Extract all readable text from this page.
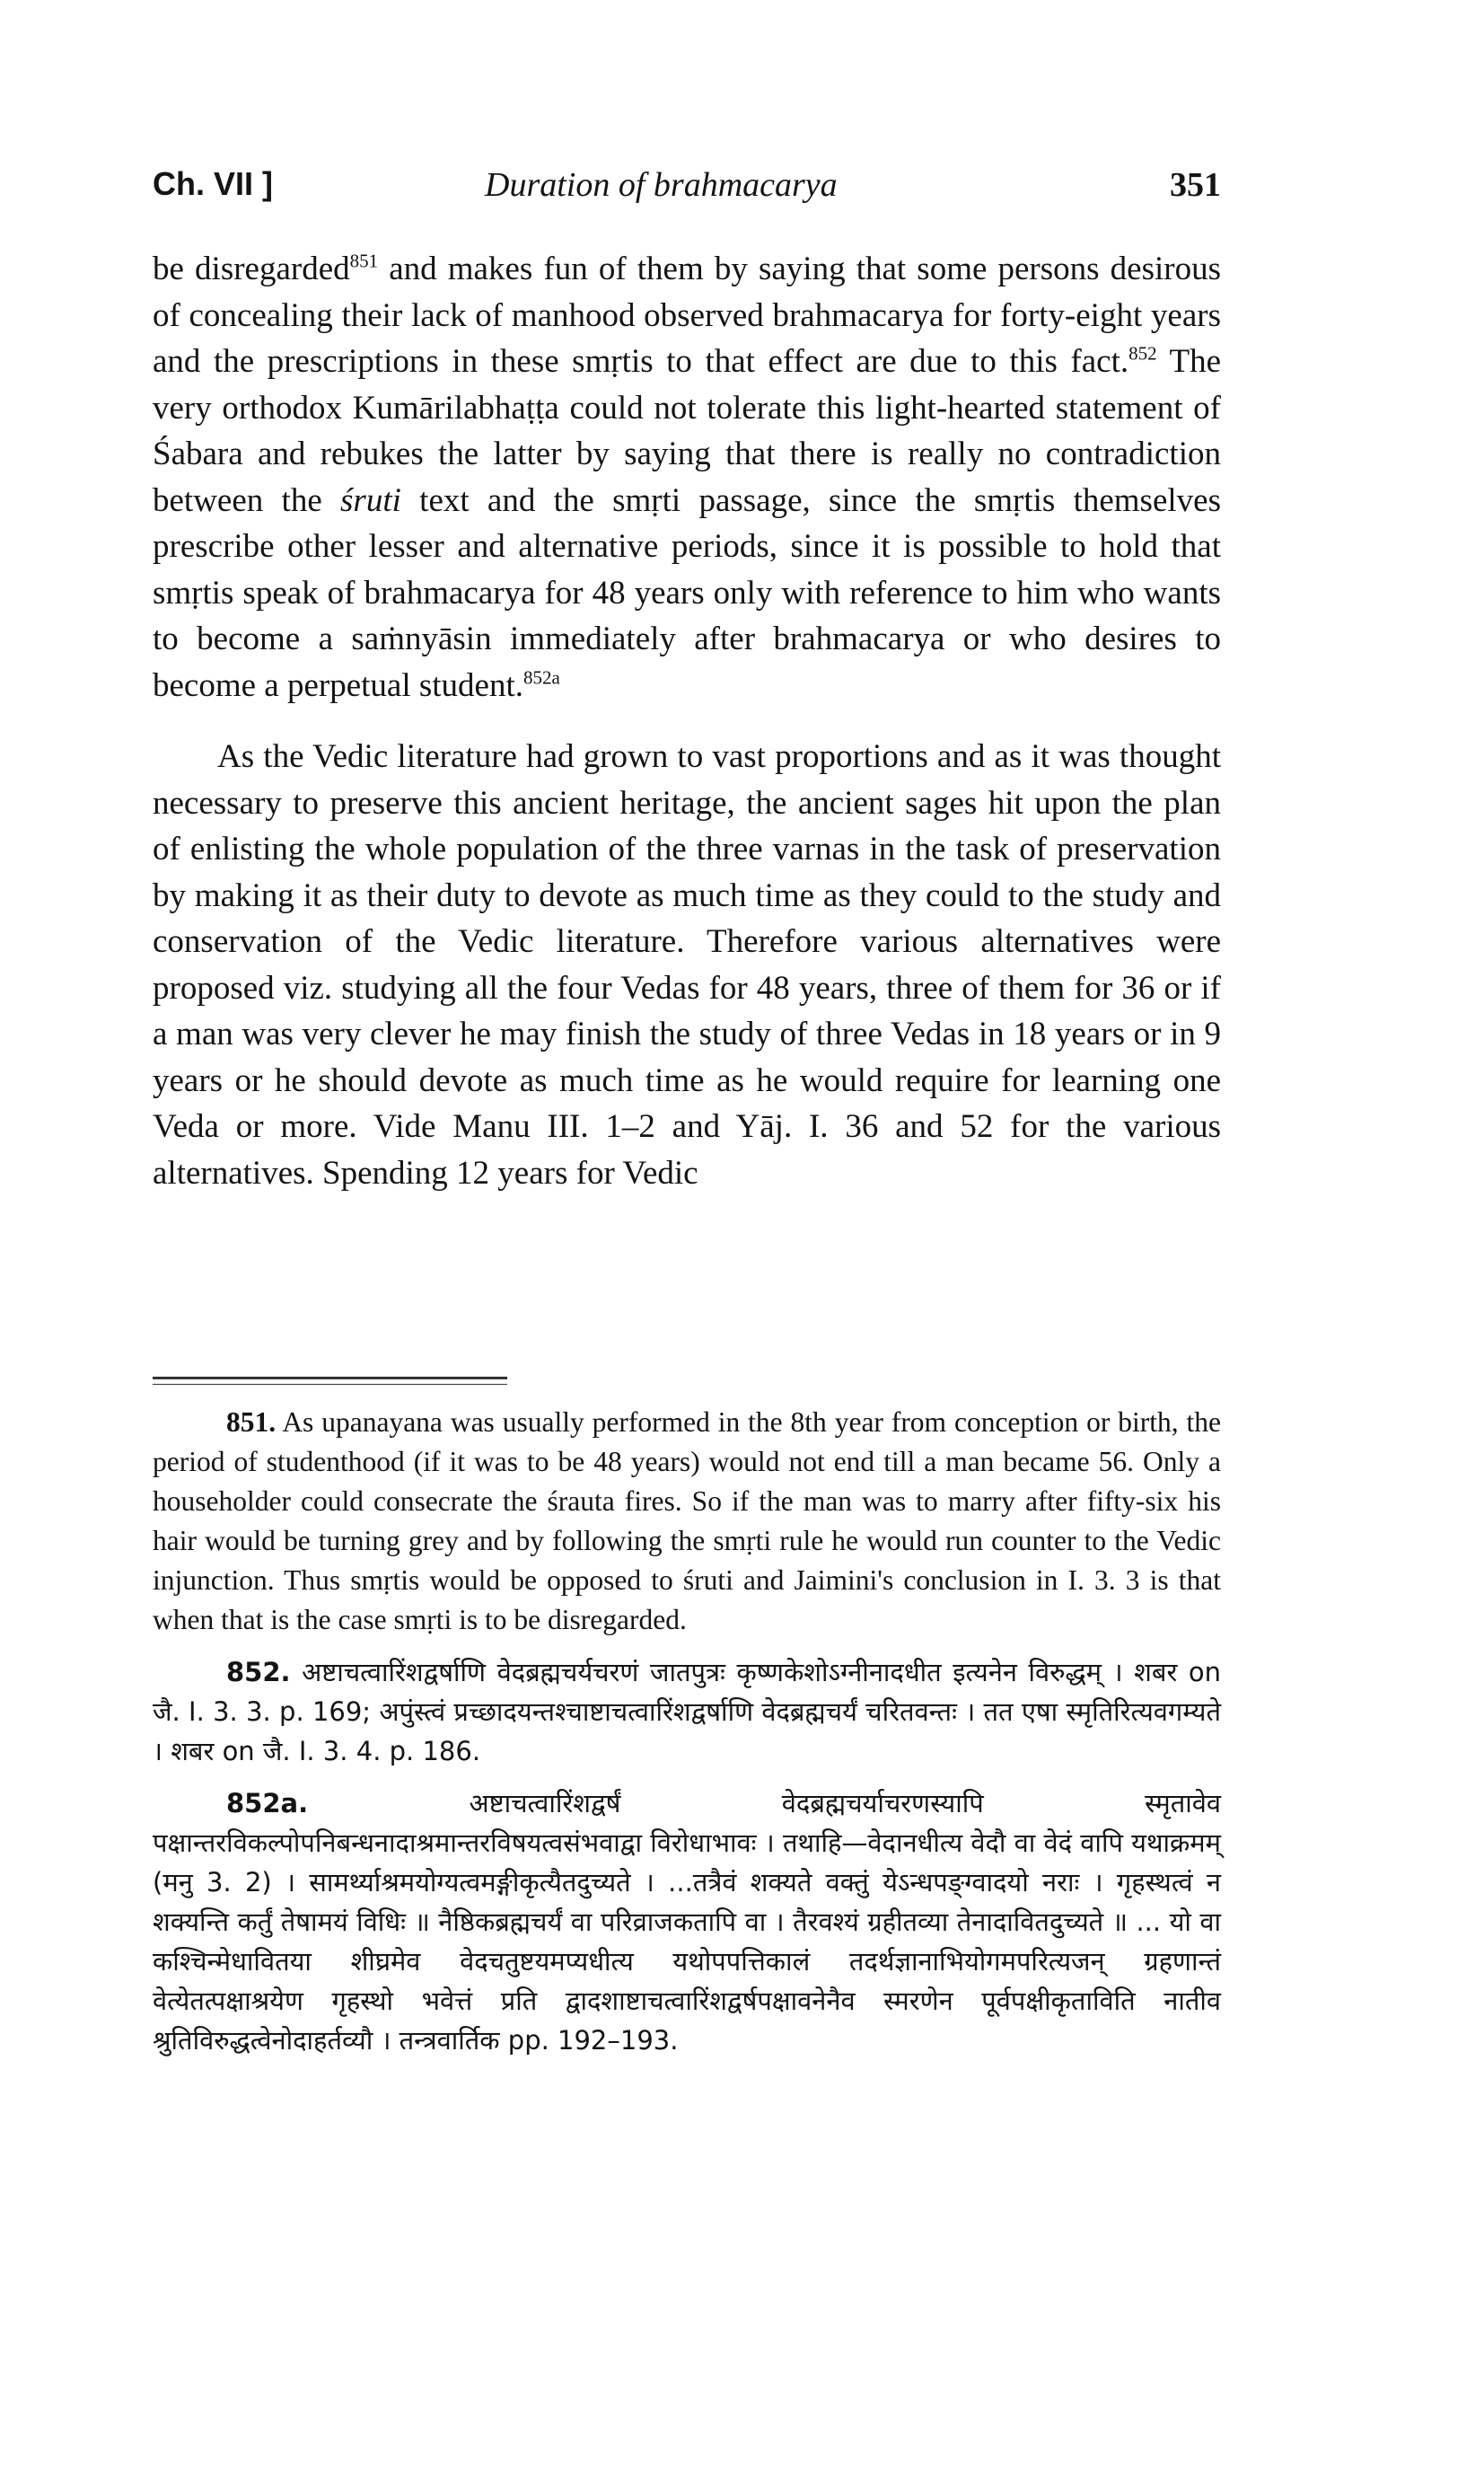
Ch. VII ]	Duration of brahmacarya	351

be disregarded$^{851}$ and makes fun of them by saying that some persons desirous of concealing their lack of manhood observed brahmacarya for forty-eight years and the prescriptions in these smṛtis to that effect are due to this fact.$^{852}$ The very orthodox Kumārilabhaṭṭa could not tolerate this light-hearted statement of Śabara and rebukes the latter by saying that there is really no contradiction between the śruti text and the smṛti passage, since the smṛtis themselves prescribe other lesser and alternative periods, since it is possible to hold that smṛtis speak of brahmacarya for 48 years only with reference to him who wants to become a saṁnyāsin immediately after brahmacarya or who desires to become a perpetual student.$^{852a}$

As the Vedic literature had grown to vast proportions and as it was thought necessary to preserve this ancient heritage, the ancient sages hit upon the plan of enlisting the whole population of the three varnas in the task of preservation by making it as their duty to devote as much time as they could to the study and conservation of the Vedic literature. Therefore various alternatives were proposed viz. studying all the four Vedas for 48 years, three of them for 36 or if a man was very clever he may finish the study of three Vedas in 18 years or in 9 years or he should devote as much time as he would require for learning one Veda or more. Vide Manu III. 1–2 and Yāj. I. 36 and 52 for the various alternatives. Spending 12 years for Vedic

851. As upanayana was usually performed in the 8th year from conception or birth, the period of studenthood (if it was to be 48 years) would not end till a man became 56. Only a householder could consecrate the śrauta fires. So if the man was to marry after fifty-six his hair would be turning grey and by following the smṛti rule he would run counter to the Vedic injunction. Thus smṛtis would be opposed to śruti and Jaimini's conclusion in I. 3. 3 is that when that is the case smṛti is to be disregarded.

852. अष्टाचत्वारिंशद्वर्षाणि वेदब्रह्मचर्यचरणं जातपुत्रः कृष्णकेशोऽग्नीनादधीत इत्यनेन विरुद्धम् । शबर on जै. I. 3. 3. p. 169; अपुंस्त्वं प्रच्छादयन्तश्चाष्टाचत्वारिंशद्वर्षाणि वेदब्रह्मचर्यं चरितवन्तः । तत एषा स्मृतिरित्यवगम्यते । शबर on जै. I. 3. 4. p. 186.

852a.	अष्टाचत्वारिंशद्वर्षं वेदब्रह्मचर्याचरणस्यापि स्मृतावेव पक्षान्तरविकल्पोपनिबन्धनादाश्रमान्तरविषयत्वसंभवाद्वा विरोधाभावः । तथाहि—वेदानधीत्य वेदौ वा वेदं वापि यथाक्रमम् (मनु 3. 2) । सामर्थ्याश्रमयोग्यत्वमङ्गीकृत्यैतदुच्यते । ...तत्रैवं शक्यते वक्तुं येऽन्धपङ्ग्वादयो नराः । गृहस्थत्वं न शक्यन्ति कर्तुं तेषामयं विधिः ॥ नैष्ठिकब्रह्मचर्यं वा परिव्राजकतापि वा । तैरवश्यं ग्रहीतव्या तेनादावितदुच्यते ॥ ... यो वा कश्चिन्मेधावितया शीघ्रमेव वेदचतुष्टयमप्यधीत्य यथोपपत्तिकालं तदर्थज्ञानाभियोगमपरित्यजन् ग्रहणान्तं वेत्येतत्पक्षाश्रयेण गृहस्थो भवेत्तं प्रति द्वादशाष्टाचत्वारिंशद्वर्षपक्षावनेनैव स्मरणेन पूर्वपक्षीकृताविति नातीव श्रुतिविरुद्धत्वेनोदाहर्तव्यौ । तन्त्रवार्तिक pp. 192–193.
